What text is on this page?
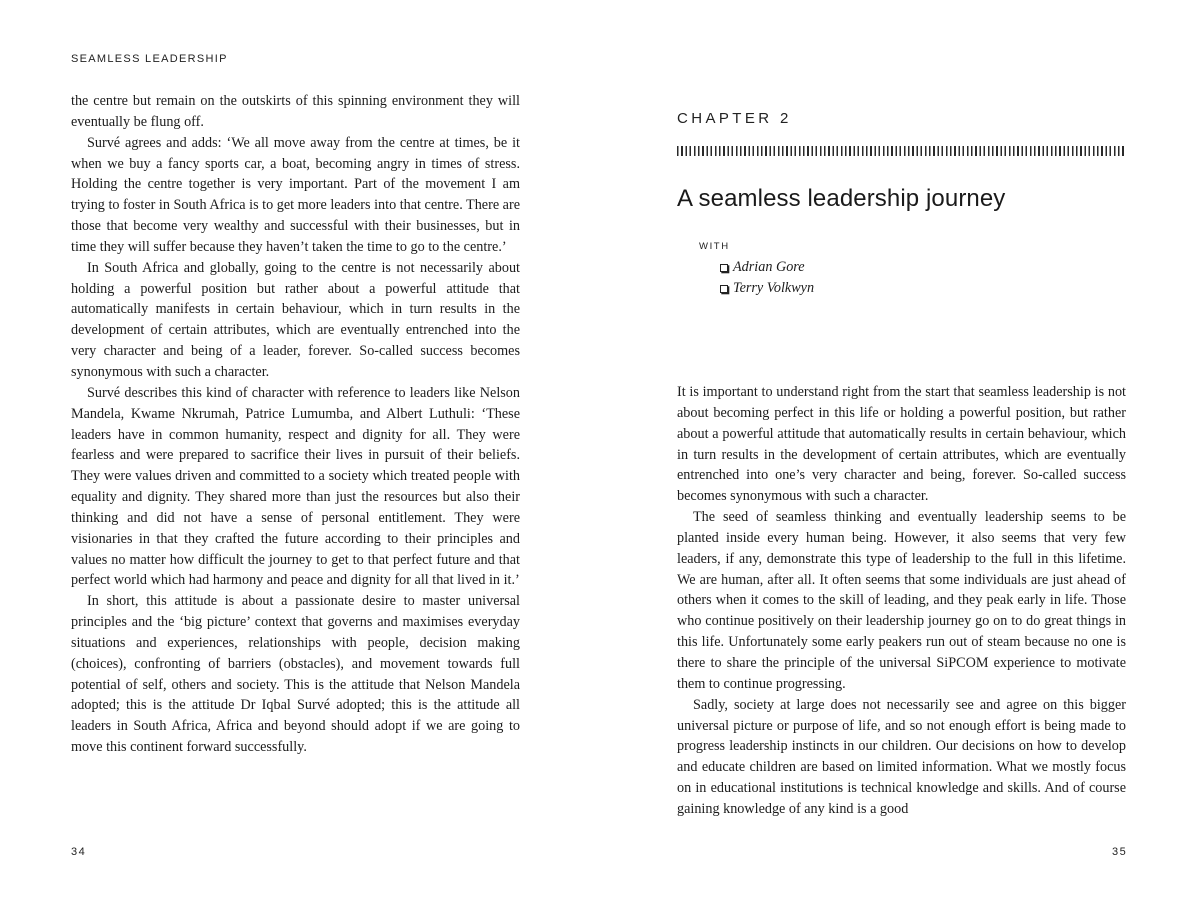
SEAMLESS LEADERSHIP

the centre but remain on the outskirts of this spinning environment they will eventually be flung off.

Survé agrees and adds: ‘We all move away from the centre at times, be it when we buy a fancy sports car, a boat, becoming angry in times of stress. Holding the centre together is very important. Part of the movement I am trying to foster in South Africa is to get more leaders into that centre. There are those that become very wealthy and successful with their businesses, but in time they will suffer because they haven’t taken the time to go to the centre.’

In South Africa and globally, going to the centre is not necessarily about holding a powerful position but rather about a powerful attitude that automatically manifests in certain behaviour, which in turn results in the development of certain attributes, which are eventually entrenched into the very character and being of a leader, forever. So-called success becomes synonymous with such a character.

Survé describes this kind of character with reference to leaders like Nelson Mandela, Kwame Nkrumah, Patrice Lumumba, and Albert Luthuli: ‘These leaders have in common humanity, respect and dignity for all. They were fearless and were prepared to sacrifice their lives in pursuit of their beliefs. They were values driven and committed to a society which treated people with equality and dignity. They shared more than just the resources but also their thinking and did not have a sense of personal entitlement. They were visionaries in that they crafted the future according to their principles and values no matter how difficult the journey to get to that perfect future and that perfect world which had harmony and peace and dignity for all that lived in it.’

In short, this attitude is about a passionate desire to master universal principles and the ‘big picture’ context that governs and maximises everyday situations and experiences, relationships with people, decision making (choices), confronting of barriers (obstacles), and movement towards full potential of self, others and society. This is the attitude that Nelson Mandela adopted; this is the attitude Dr Iqbal Survé adopted; this is the attitude all leaders in South Africa, Africa and beyond should adopt if we are going to move this continent forward successfully.

34
CHAPTER 2
A seamless leadership journey
WITH
Adrian Gore
Terry Volkwyn

It is important to understand right from the start that seamless leadership is not about becoming perfect in this life or holding a powerful position, but rather about a powerful attitude that automatically results in certain behaviour, which in turn results in the development of certain attributes, which are eventually entrenched into one’s very character and being, forever. So-called success becomes synonymous with such a character.

The seed of seamless thinking and eventually leadership seems to be planted inside every human being. However, it also seems that very few leaders, if any, demonstrate this type of leadership to the full in this lifetime. We are human, after all. It often seems that some individuals are just ahead of others when it comes to the skill of leading, and they peak early in life. Those who continue positively on their leadership journey go on to do great things in this life. Unfortunately some early peakers run out of steam because no one is there to share the principle of the universal SiPCOM experience to motivate them to continue progressing.

Sadly, society at large does not necessarily see and agree on this bigger universal picture or purpose of life, and so not enough effort is being made to progress leadership instincts in our children. Our decisions on how to develop and educate children are based on limited information. What we mostly focus on in educational institutions is technical knowledge and skills. And of course gaining knowledge of any kind is a good

35
